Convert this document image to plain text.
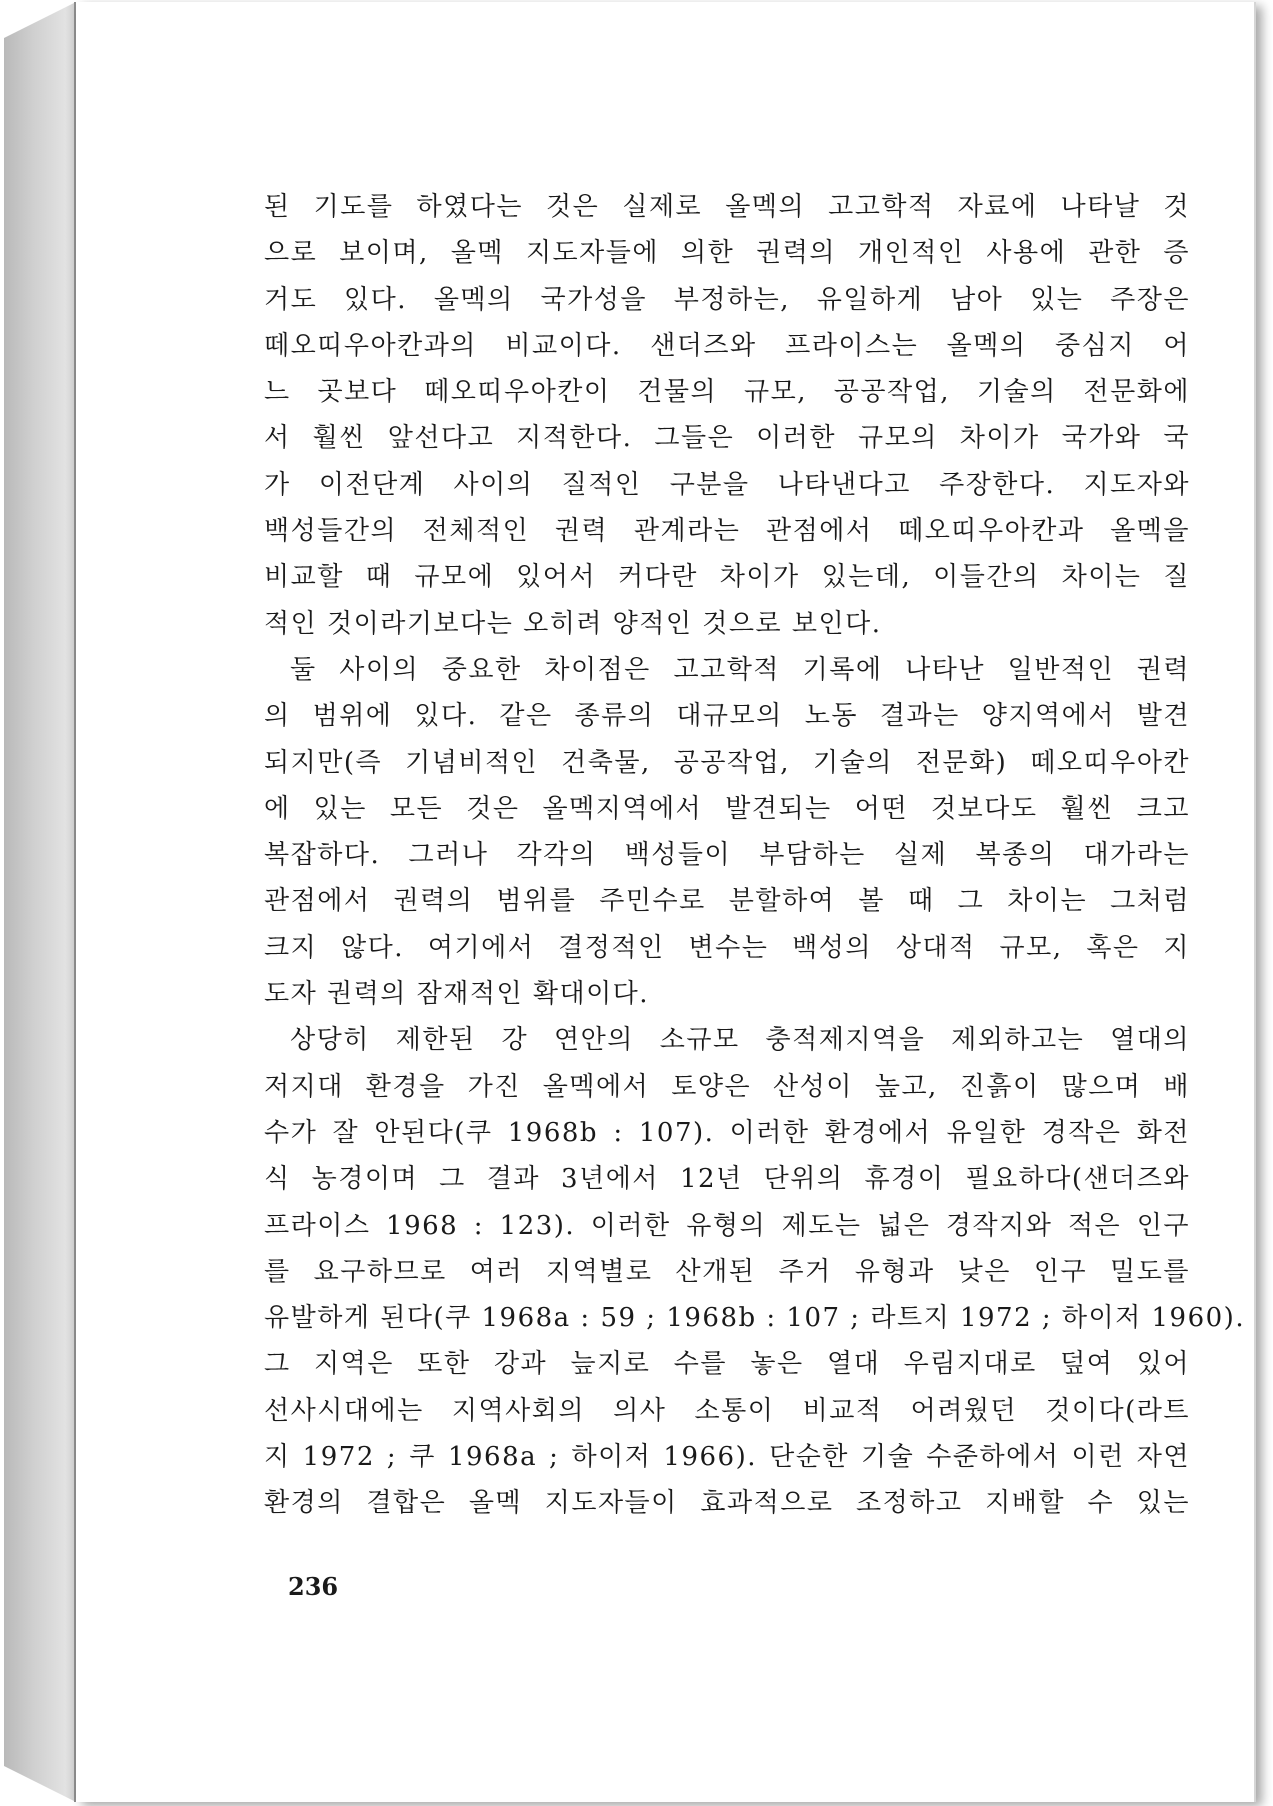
된 기도를 하였다는 것은 실제로 올멕의 고고학적 자료에 나타날 것
으로 보이며, 올멕 지도자들에 의한 권력의 개인적인 사용에 관한 증
거도 있다. 올멕의 국가성을 부정하는, 유일하게 남아 있는 주장은
떼오띠우아칸과의 비교이다. 샌더즈와 프라이스는 올멕의 중심지 어
느 곳보다 떼오띠우아칸이 건물의 규모, 공공작업, 기술의 전문화에
서 훨씬 앞선다고 지적한다. 그들은 이러한 규모의 차이가 국가와 국
가 이전단계 사이의 질적인 구분을 나타낸다고 주장한다. 지도자와
백성들간의 전체적인 권력 관계라는 관점에서 떼오띠우아칸과 올멕을
비교할 때 규모에 있어서 커다란 차이가 있는데, 이들간의 차이는 질
적인 것이라기보다는 오히려 양적인 것으로 보인다.
둘 사이의 중요한 차이점은 고고학적 기록에 나타난 일반적인 권력
의 범위에 있다. 같은 종류의 대규모의 노동 결과는 양지역에서 발견
되지만(즉 기념비적인 건축물, 공공작업, 기술의 전문화) 떼오띠우아칸
에 있는 모든 것은 올멕지역에서 발견되는 어떤 것보다도 훨씬 크고
복잡하다. 그러나 각각의 백성들이 부담하는 실제 복종의 대가라는
관점에서 권력의 범위를 주민수로 분할하여 볼 때 그 차이는 그처럼
크지 않다. 여기에서 결정적인 변수는 백성의 상대적 규모, 혹은 지
도자 권력의 잠재적인 확대이다.
상당히 제한된 강 연안의 소규모 충적제지역을 제외하고는 열대의
저지대 환경을 가진 올멕에서 토양은 산성이 높고, 진흙이 많으며 배
수가 잘 안된다(쿠 1968b : 107). 이러한 환경에서 유일한 경작은 화전
식 농경이며 그 결과 3년에서 12년 단위의 휴경이 필요하다(샌더즈와
프라이스 1968 : 123). 이러한 유형의 제도는 넓은 경작지와 적은 인구
를 요구하므로 여러 지역별로 산개된 주거 유형과 낮은 인구 밀도를
유발하게 된다(쿠 1968a : 59 ; 1968b : 107 ; 라트지 1972 ; 하이저 1960).
그 지역은 또한 강과 늪지로 수를 놓은 열대 우림지대로 덮여 있어
선사시대에는 지역사회의 의사 소통이 비교적 어려웠던 것이다(라트
지 1972 ; 쿠 1968a ; 하이저 1966). 단순한 기술 수준하에서 이런 자연
환경의 결합은 올멕 지도자들이 효과적으로 조정하고 지배할 수 있는
236
